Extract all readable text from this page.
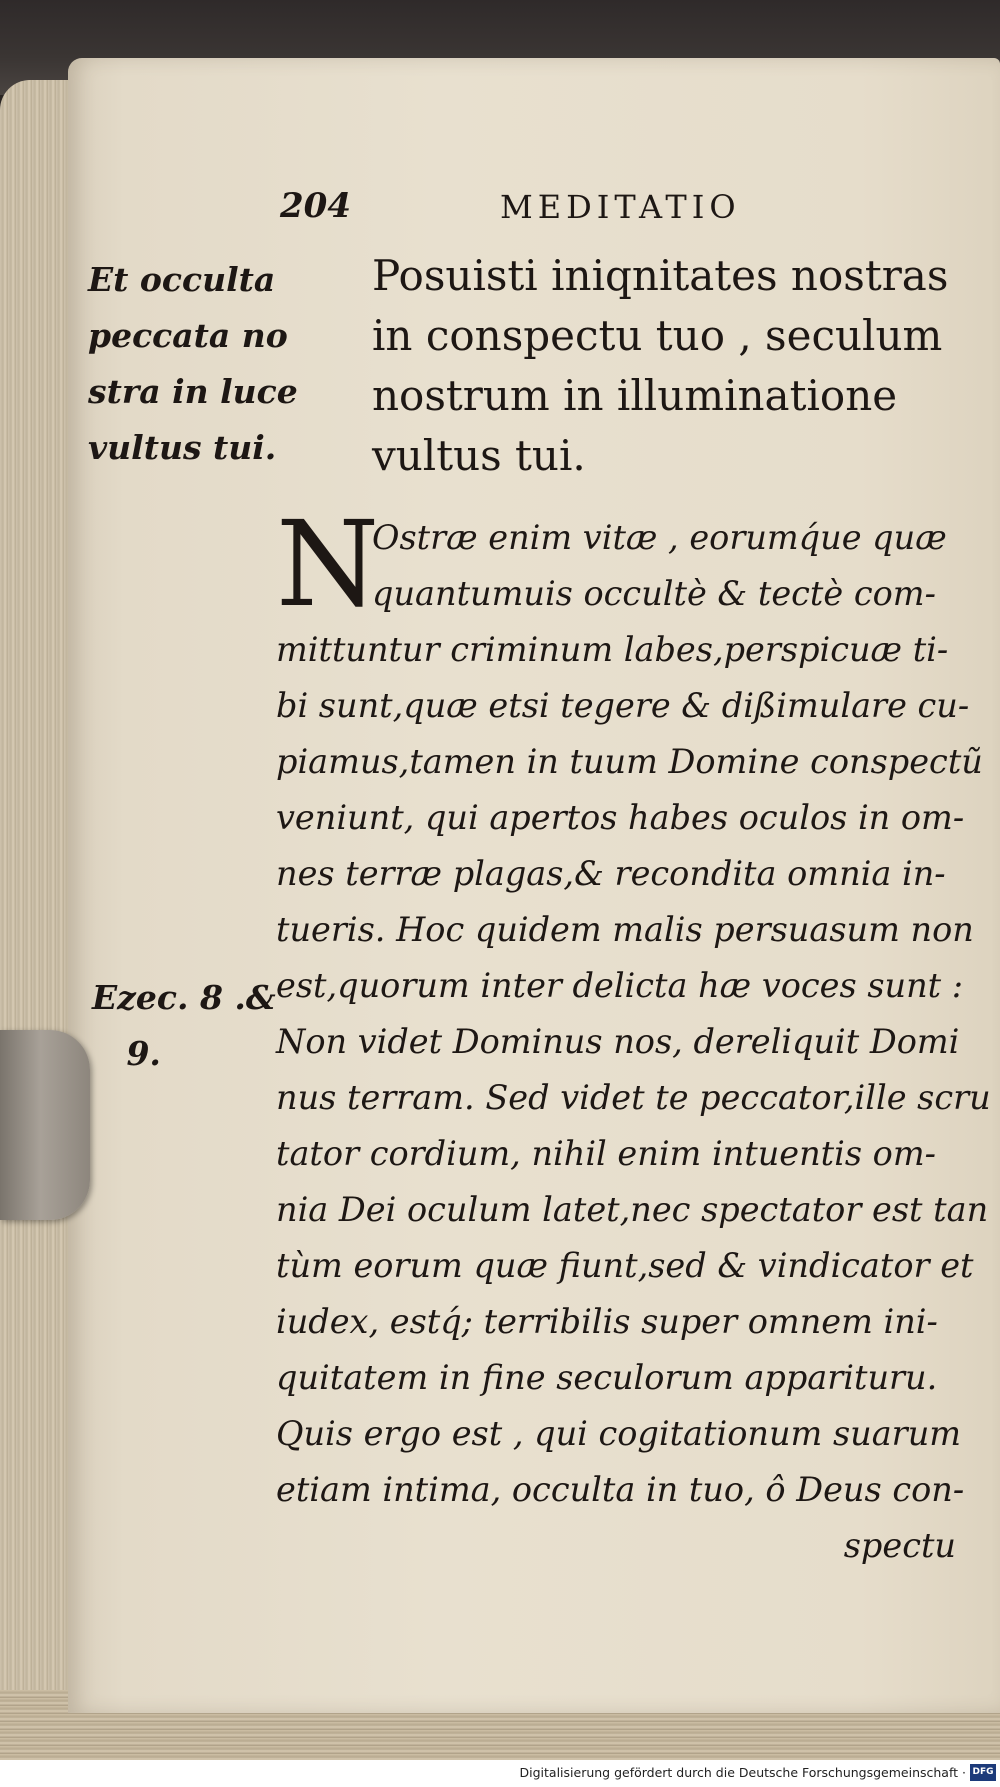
204	MEDITATIO
Et occulta
peccata no
stra in luce
vultus tui.
Ezec. 8 .&
9.
Posuisti iniqnitates nostras
in conspectu tuo , seculum
nostrum in illuminatione
vultus tui.
N
Ostræ enim vitæ , eorumq́ue quæ
quantumuis occultè & tectè com-
mittuntur criminum labes,perspicuæ ti-
bi sunt,quæ etsi tegere & dißimulare cu-
piamus,tamen in tuum Domine conspectũ
veniunt, qui apertos habes oculos in om-
nes terræ plagas,& recondita omnia in-
tueris. Hoc quidem malis persuasum non
est,quorum inter delicta hæ voces sunt :
Non videt Dominus nos, dereliquit Domi
nus terram. Sed videt te peccator,ille scru
tator cordium, nihil enim intuentis om-
nia Dei oculum latet,nec spectator est tan
tùm eorum quæ fiunt,sed & vindicator et
iudex, estq́; terribilis super omnem ini-
quitatem in fine seculorum apparituru.
Quis ergo est , qui cogitationum suarum
etiam intima, occulta in tuo, ô Deus con-
spectu
Digitalisierung gefördert durch die Deutsche Forschungsgemeinschaft · DFG
